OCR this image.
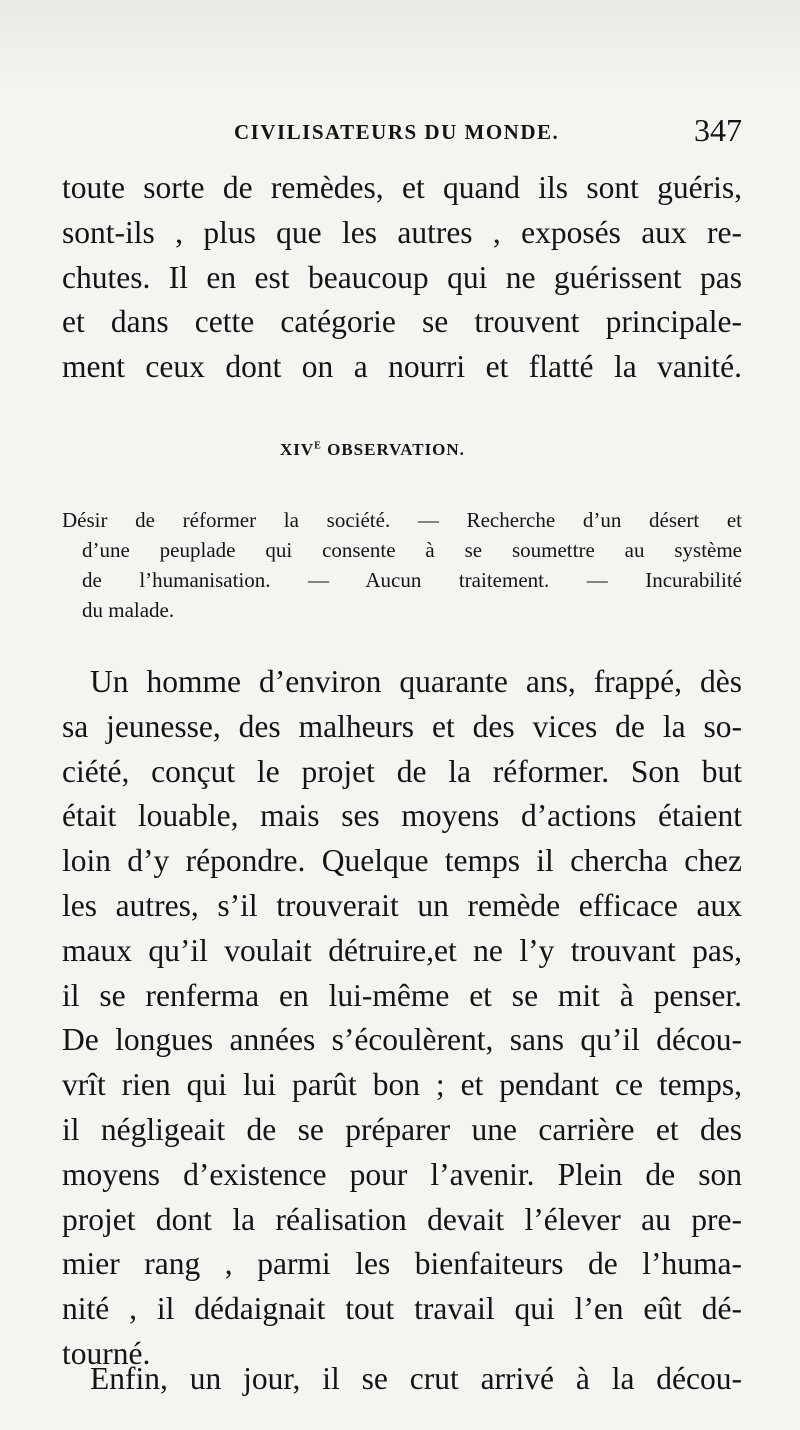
CIVILISATEURS DU MONDE.	347
toute sorte de remèdes, et quand ils sont guéris,
sont-ils , plus que les autres , exposés aux re-
chutes. Il en est beaucoup qui ne guérissent pas
et dans cette catégorie se trouvent principale-
ment ceux dont on a nourri et flatté la vanité.
$XIV^E$ OBSERVATION.
Désir de réformer la société. — Recherche d’un désert et
d’une peuplade qui consente à se soumettre au système
de l’humanisation. — Aucun traitement. — Incurabilité
du malade.
Un homme d’environ quarante ans, frappé, dès
sa jeunesse, des malheurs et des vices de la so-
ciété, conçut le projet de la réformer. Son but
était louable, mais ses moyens d’actions étaient
loin d’y répondre. Quelque temps il chercha chez
les autres, s’il trouverait un remède efficace aux
maux qu’il voulait détruire,et ne l’y trouvant pas,
il se renferma en lui-même et se mit à penser.
De longues années s’écoulèrent, sans qu’il décou-
vrît rien qui lui parût bon ; et pendant ce temps,
il négligeait de se préparer une carrière et des
moyens d’existence pour l’avenir. Plein de son
projet dont la réalisation devait l’élever au pre-
mier rang , parmi les bienfaiteurs de l’huma-
nité , il dédaignait tout travail qui l’en eût dé-
tourné.
Enfin, un jour, il se crut arrivé à la décou-
